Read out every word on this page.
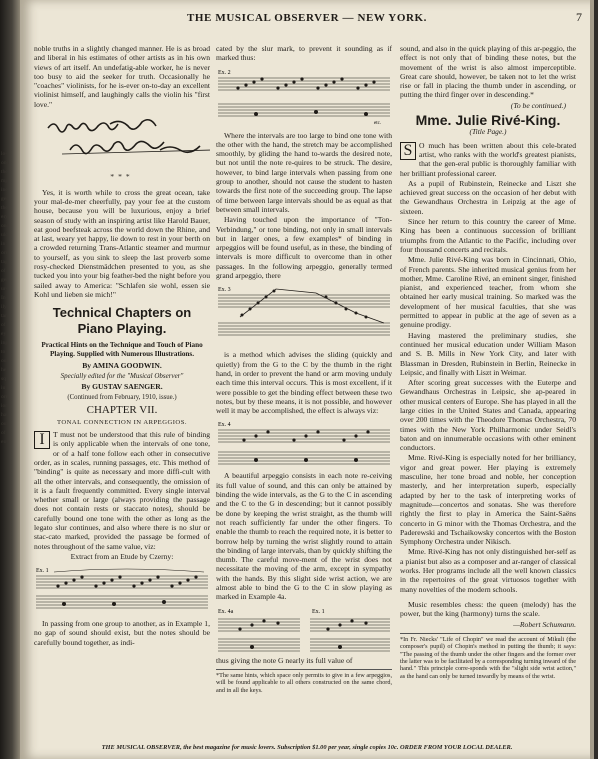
lo-
ond
the
mg
ine
gee
the
ery
one
uld
in
ore
tag
of
ger
ur-
In
ily
tan
of
ey
ing
to
out
he
sq
iu
ore
ion
hat
our
of
ens
THE MUSICAL OBSERVER — NEW YORK.	7

noble truths in a slightly changed manner. He is as broad and liberal in his estimates of other artists as in his own views of art itself. An undefatig-able worker, he is never too busy to aid the seeker for truth. Occasionally he "coaches" violinists, for he is-ever on-to-day an excellent violinist himself, and laughingly calls the violin his "first love."

***

Yes, it is worth while to cross the great ocean, take your mal-de-mer cheerfully, pay your fee at the custom house, because you will be luxurious, enjoy a brief season of study with an inspiring artist like Harold Bauer, eat good beefsteak across the world down the Rhine, and at last, weary yet happy, lie down to rest in your berth on a crowded returning Trans-Atlantic steamer and murmur to yourself, as you sink to sleep the last proverb some rosy-checked Dienstmädchen presented to you, as she tucked you into your big feather-bed the night before you sailed away to America: "Schlafen sie wohl, essen sie Kohl und lieben sie mich!"

Technical Chapters on Piano Playing.
Practical Hints on the Technique and Touch of Piano Playing. Supplied with Numerous Illustrations.
By AMINA GOODWIN.
Specially edited for the "Musical Observer"
By GUSTAV SAENGER.
(Continued from February, 1910, issue.)
CHAPTER VII.
TONAL CONNECTION IN ARPEGGIOS.

I	T must not be understood that this rule of binding is only applicable when the intervals of one tone, or of a half tone follow each other in consecutive order, as in scales, running passages, etc. This method of "binding" is quite as necessary and more diffi-cult with all the other intervals, and consequently, the omission of it is a fault frequently committed. Every single interval whether small or large (always providing the passage does not contain rests or staccato notes), should be carefully bound one tone with the other as long as the legato slur continues, and also where there is no slur or stac-cato marked, provided the passage be formed of notes throughout of the same value, viz:

Extract from an Etude by Czerny:

Ex. 1

In passing from one group to another, as in Example 1, no gap of sound should exist, but the notes should be carefully bound together, as indi-

cated by the slur mark, to prevent it sounding as if marked thus:

Ex. 2
etc.

Where the intervals are too large to bind one tone with the other with the hand, the stretch may be accomplished smoothly, by gliding the hand to-wards the desired note, but not until the note re-quires to be struck. The desire, however, to bind large intervals when passing from one group to another, should not cause the student to hasten towards the first note of the succeeding group. The lapse of time between large intervals should be as equal as that between small intervals.

Having touched upon the importance of "Ton-Verbindung," or tone binding, not only in small intervals but in larger ones, a few examples* of binding in arpeggios will be found useful, as in these, the binding of intervals is more difficult to overcome than in other passages. In the following arpeggio, generally termed grand arpeggio, there

Ex. 3

is a method which advises the sliding (quickly and quietly) from the G to the C by the thumb in the right hand, in order to prevent the hand or arm moving unduly each time this interval occurs. This is most excellent, if it were possible to get the binding effect between these two notes, but by these means, it is not possible, and however well it may be accomplished, the effect is always viz:

Ex. 4

A beautiful arpeggio consists in each note re-ceiving its full value of sound, and this can only be attained by binding the wide intervals, as the G to the C in ascending and the C to the G in descending; but it cannot possibly be done by keeping the wrist straight, as the thumb will not reach sufficiently far under the other fingers. To enable the thumb to reach the required note, it is better to borrow help by turning the wrist slightly round to attain the binding of large intervals, than by quickly shifting the thumb. The careful move-ment of the wrist does not necessitate the moving of the arm, except in sympathy with the hands. By this slight side wrist action, we are almost able to bind the G to the C in slow playing as marked in Example 4a.

Ex. 4a	Ex. 1

thus giving the note G nearly its full value of

*The same hints, which space only permits to give in a few arpeggios, will be found applicable to all others constructed on the same chord, and in all the keys.

sound, and also in the quick playing of this ar-peggio, the effect is not only that of binding these notes, but the movement of the wrist is also almost imperceptible. Great care should, however, be taken not to let the wrist rise or fall in placing the thumb under in ascending, or putting the third finger over in descending.*

(To be continued.)

Mme. Julie Rivé-King.
(Title Page.)

S O much has been written about this cele-brated artist, who ranks with the world's greatest pianists, that the gen-eral public is thoroughly familiar with her brilliant professional career.

As a pupil of Rubinstein, Reinecke and Liszt she achieved great success on the occasion of her debut with the Gewandhaus Orchestra in Leipzig at the age of sixteen.

Since her return to this country the career of Mme. King has been a continuous succession of brilliant triumphs from the Atlantic to the Pacific, including over four thousand concerts and recitals.

Mme. Julie Rivé-King was born in Cincinnati, Ohio, of French parents. She inherited musical genius from her mother, Mme. Caroline Rivé, an eminent singer, finished pianist, and experienced teacher, from whom she obtained her early musical training. So marked was the development of her musical faculties, that she was permitted to appear in public at the age of seven as a genuine prodigy.

Having mastered the preliminary studies, she continued her musical education under William Mason and S. B. Mills in New York City, and later with Blassman in Dresden, Rubinstein in Berlin, Reinecke in Leipsic, and finally with Liszt in Weimar.

After scoring great successes with the Euterpe and Gewandhaus Orchestras in Leipsic, she ap-peared in other musical centers of Europe. She has played in all the large cities in the United States and Canada, appearing over 200 times with the Theodore Thomas Orchestra, 70 times with the New York Philharmonic under Seidl's baton and on innumerable occasions with other eminent conductors.

Mme. Rivé-King is especially noted for her brilliancy, vigor and great power. Her playing is extremely masculine, her tone broad and noble, her conception masterly, and her interpretation superb, especially adapted by her to the task of interpreting works of magnitude—concertos and sonatas. She was therefore rightly the first to play in America the Saint-Saëns concerto in G minor with the Thomas Orchestra, and the Paderewski and Tschaikowsky concertos with the Boston Symphony Orchestra under Nikisch.

Mme. Rivé-King has not only distinguished her-self as a pianist but also as a composer and ar-ranger of classical works. Her programs include all the well known classics in the repertoires of the great virtuosos together with many novelties of the modern schools.

Music resembles chess: the queen (melody) has the power, but the king (harmony) turns the scale.

—Robert Schumann.

*In Fr. Niecks' "Life of Chopin" we read the account of Mikuli (the composer's pupil) of Chopin's method in putting the thumb; it says: "The passing of the thumb under the other fingers and the former over the latter was to be facilitated by a corresponding turning inward of the hand." This principle corre-sponds with the "slight side wrist action," as the hand can only be turned inwardly by means of the wrist.
THE MUSICAL OBSERVER, the best magazine for music lovers. Subscription $1.00 per year, single copies 10c. ORDER FROM YOUR LOCAL DEALER.
